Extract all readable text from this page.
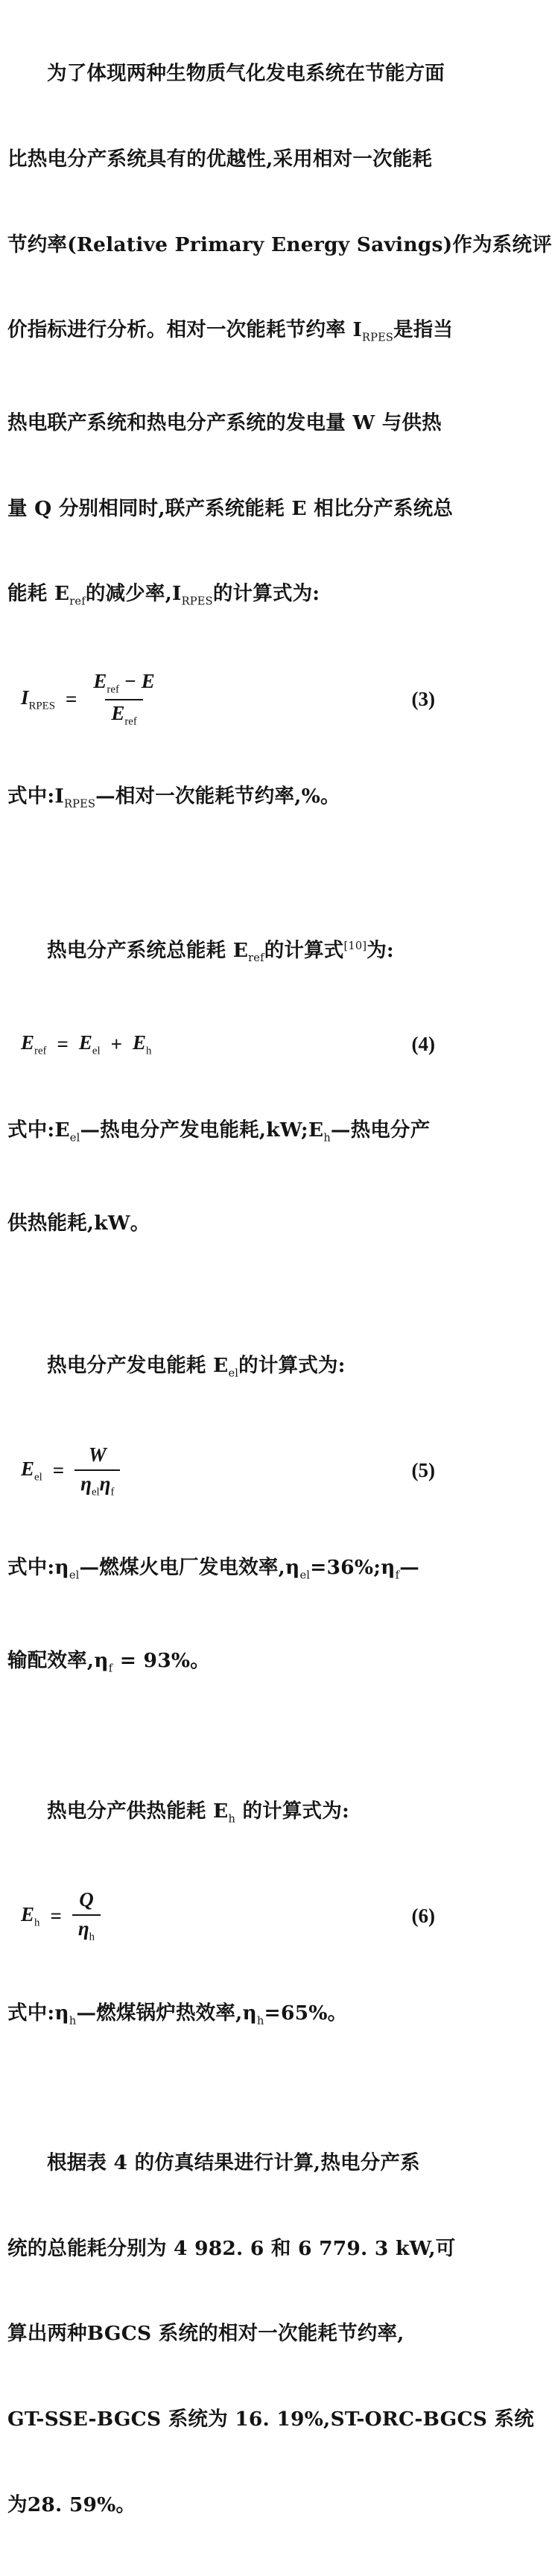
为了体现两种生物质气化发电系统在节能方面

比热电分产系统具有的优越性,采用相对一次能耗

节约率(Relative Primary Energy Savings)作为系统评

价指标进行分析。相对一次能耗节约率 $I_{RPES}$是指当

热电联产系统和热电分产系统的发电量 W 与供热

量 Q 分别相同时,联产系统能耗 E 相比分产系统总

能耗 $E_{ref}$的减少率$,I_{RPES}$的计算式为:

$I_{RPES} = \frac{E_{ref} - E}{E_{ref}}$	(3)

式中$:I_{RPES}—$相对一次能耗节约率,%。

热电分产系统总能耗 $E_{ref}$的计算式[10]为:

$E_{ref} = E_{el} + E_h$	(4)

式中$:E_{el}—$热电分产发电能耗$,kW;E_h—$热电分产

供热能耗,kW。

热电分产发电能耗 $E_{el}$的计算式为:

$E_{el} = \frac{W}{\eta_{el}\eta_f}$	(5)

式中$:\eta_{el}—$燃煤火电厂发电效率$,\eta_{el}=36\%;\eta_f—$

输配效率$,\eta_f = 93\%$。

热电分产供热能耗 $E_h$ 的计算式为:

$E_h = \frac{Q}{\eta_h}$	(6)

式中$:\eta_h—$燃煤锅炉热效率$,\eta_h=65\%$。

根据表 4 的仿真结果进行计算,热电分产系

统的总能耗分别为 4 982. 6 和 6 779. 3 kW,可

算出两种BGCS 系统的相对一次能耗节约率,

GT-SSE-BGCS 系统为 16. 19%,ST-ORC-BGCS 系统

为28. 59%。
